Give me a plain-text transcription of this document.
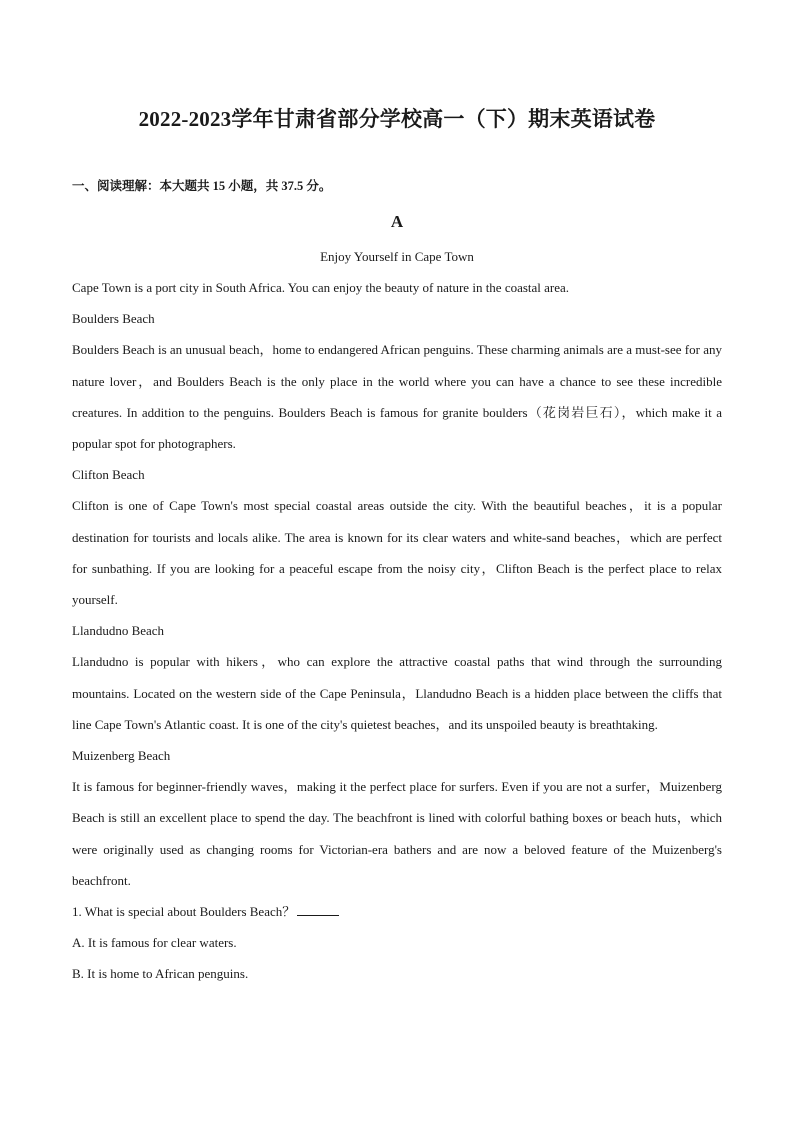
2022-2023学年甘肃省部分学校高一（下）期末英语试卷

一、阅读理解：本大题共 15 小题，共 37.5 分。

A

Enjoy Yourself in Cape Town

Cape Town is a port city in South Africa. You can enjoy the beauty of nature in the coastal area.

Boulders Beach

Boulders Beach is an unusual beach，home to endangered African penguins. These charming animals are a must-see for any nature lover，and Boulders Beach is the only place in the world where you can have a chance to see these incredible creatures. In addition to the penguins. Boulders Beach is famous for granite boulders（花岗岩巨石），which make it a popular spot for photographers.

Clifton Beach

Clifton is one of Cape Town's most special coastal areas outside the city. With the beautiful beaches，it is a popular destination for tourists and locals alike. The area is known for its clear waters and white-sand beaches，which are perfect for sunbathing. If you are looking for a peaceful escape from the noisy city，Clifton Beach is the perfect place to relax yourself.

Llandudno Beach

Llandudno is popular with hikers，who can explore the attractive coastal paths that wind through the surrounding mountains. Located on the western side of the Cape Peninsula，Llandudno Beach is a hidden place between the cliffs that line Cape Town's Atlantic coast. It is one of the city's quietest beaches，and its unspoiled beauty is breathtaking.

Muizenberg Beach

It is famous for beginner-friendly waves，making it the perfect place for surfers. Even if you are not a surfer，Muizenberg Beach is still an excellent place to spend the day. The beachfront is lined with colorful bathing boxes or beach huts，which were originally used as changing rooms for Victorian-era bathers and are now a beloved feature of the Muizenberg's beachfront.

1. What is special about Boulders Beach？

A. It is famous for clear waters.

B. It is home to African penguins.
